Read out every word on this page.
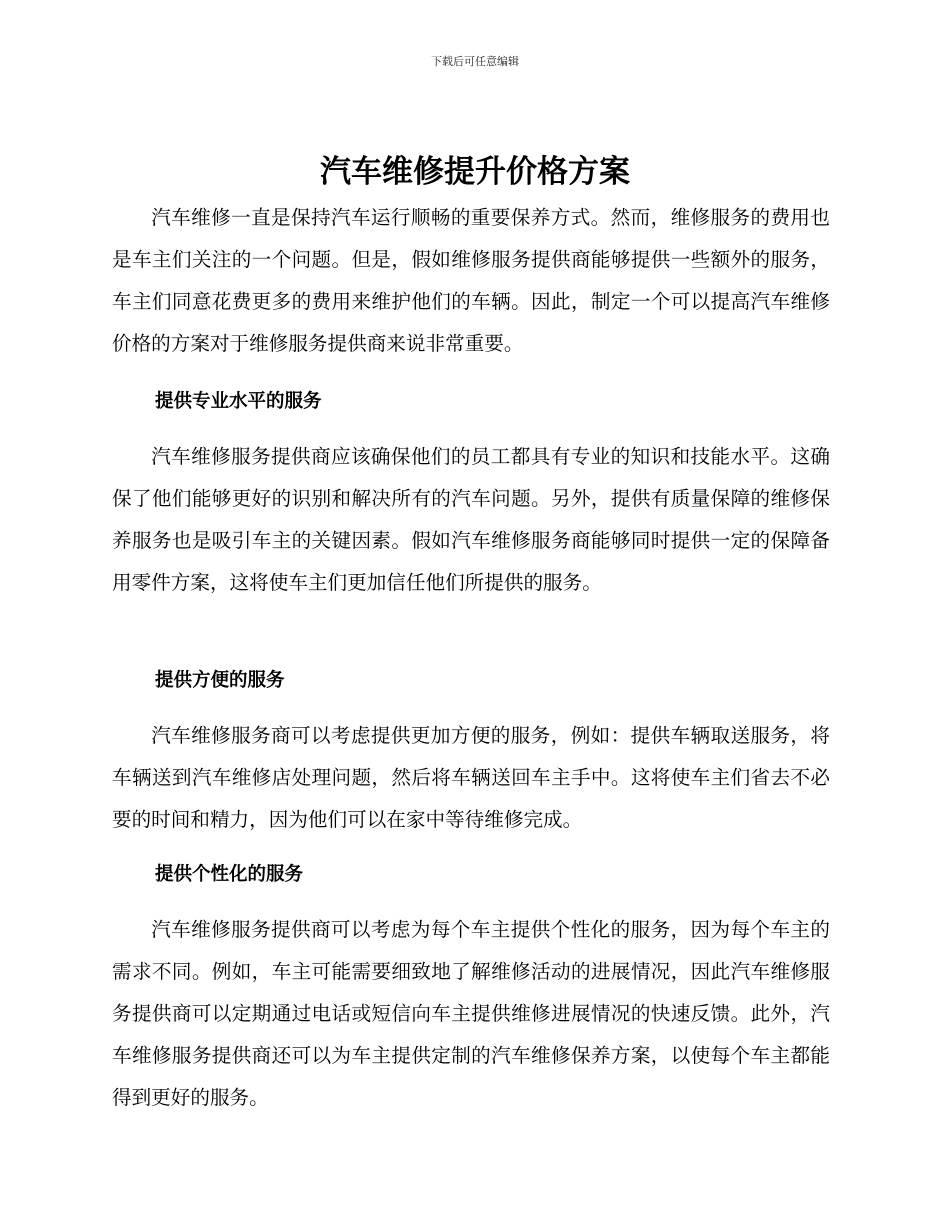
下载后可任意编辑
汽车维修提升价格方案

汽车维修一直是保持汽车运行顺畅的重要保养方式。然而，维修服务的费用也是车主们关注的一个问题。但是，假如维修服务提供商能够提供一些额外的服务，车主们同意花费更多的费用来维护他们的车辆。因此，制定一个可以提高汽车维修价格的方案对于维修服务提供商来说非常重要。

提供专业水平的服务

汽车维修服务提供商应该确保他们的员工都具有专业的知识和技能水平。这确保了他们能够更好的识别和解决所有的汽车问题。另外，提供有质量保障的维修保养服务也是吸引车主的关键因素。假如汽车维修服务商能够同时提供一定的保障备用零件方案，这将使车主们更加信任他们所提供的服务。

提供方便的服务

汽车维修服务商可以考虑提供更加方便的服务，例如：提供车辆取送服务，将车辆送到汽车维修店处理问题，然后将车辆送回车主手中。这将使车主们省去不必要的时间和精力，因为他们可以在家中等待维修完成。

提供个性化的服务

汽车维修服务提供商可以考虑为每个车主提供个性化的服务，因为每个车主的需求不同。例如，车主可能需要细致地了解维修活动的进展情况，因此汽车维修服务提供商可以定期通过电话或短信向车主提供维修进展情况的快速反馈。此外，汽车维修服务提供商还可以为车主提供定制的汽车维修保养方案，以使每个车主都能得到更好的服务。
